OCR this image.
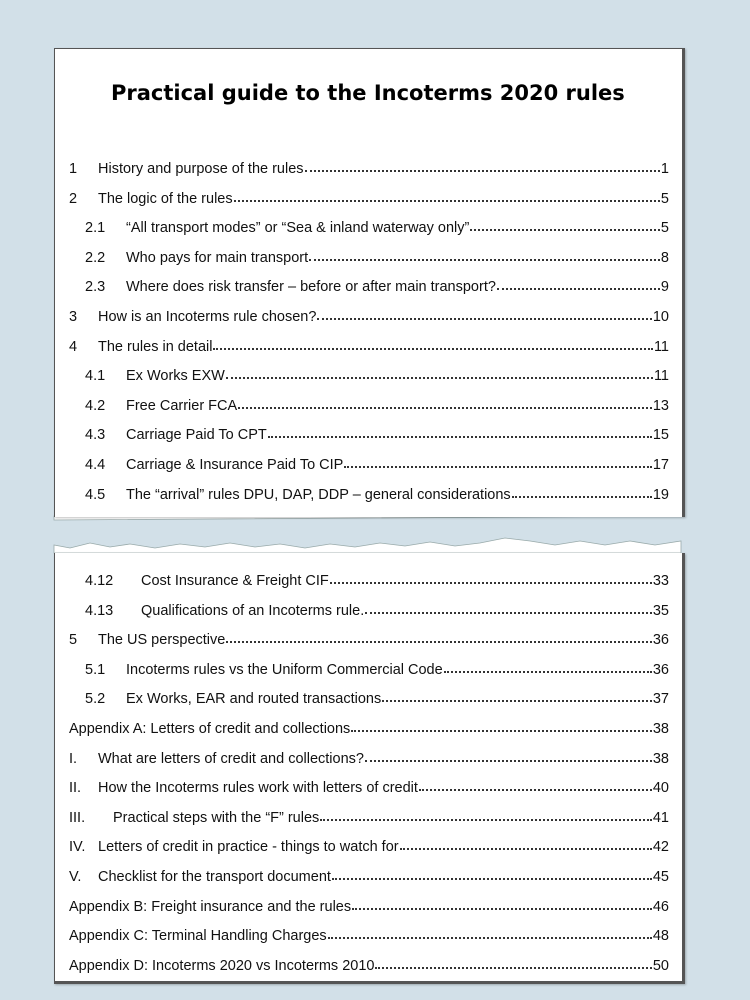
Practical guide to the Incoterms 2020 rules
1	History and purpose of the rules	1
2	The logic of the rules	5
2.1	“All transport modes” or “Sea & inland waterway only”	5
2.2	Who pays for main transport	8
2.3	Where does risk transfer – before or after main transport?	9
3	How is an Incoterms rule chosen?	10
4	The rules in detail	11
4.1	Ex Works EXW	11
4.2	Free Carrier FCA	13
4.3	Carriage Paid To CPT	15
4.4	Carriage & Insurance Paid To CIP	17
4.5	The “arrival” rules DPU, DAP, DDP – general considerations	19
4.12	Cost Insurance & Freight CIF	33
4.13	Qualifications of an Incoterms rule.	35
5	The US perspective	36
5.1	Incoterms rules vs the Uniform Commercial Code	36
5.2	Ex Works, EAR and routed transactions	37
Appendix A: Letters of credit and collections	38
I.	What are letters of credit and collections?	38
II.	How the Incoterms rules work with letters of credit	40
III.	Practical steps with the “F” rules	41
IV. Letters of credit in practice - things to watch for	42
V.	Checklist for the transport document	45
Appendix B: Freight insurance and the rules	46
Appendix C: Terminal Handling Charges	48
Appendix D: Incoterms 2020 vs Incoterms 2010	50
